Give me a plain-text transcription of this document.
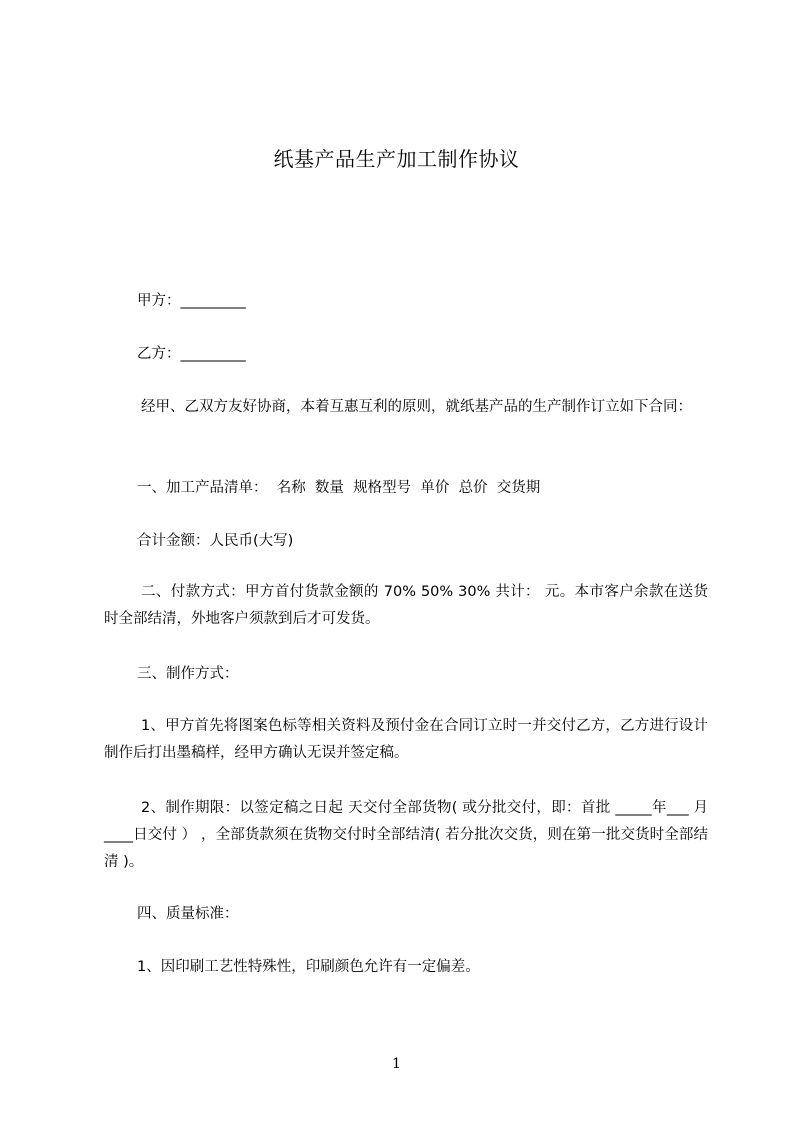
纸基产品生产加工制作协议
甲方：_________
乙方：_________
经甲、乙双方友好协商，本着互惠互利的原则，就纸基产品的生产制作订立如下合同：
一、加工产品清单：  名称  数量  规格型号  单价  总价  交货期
合计金额：人民币(大写)
二、付款方式：甲方首付货款金额的 70% 50% 30% 共计： 元。本市客户余款在送货时全部结清，外地客户须款到后才可发货。
三、制作方式：
1、甲方首先将图案色标等相关资料及预付金在合同订立时一并交付乙方，乙方进行设计制作后打出墨稿样，经甲方确认无误并签定稿。
2、制作期限：以签定稿之日起 天交付全部货物( 或分批交付，即：首批 _____年___ 月____日交付 ） ，全部货款须在货物交付时全部结清( 若分批次交货，则在第一批交货时全部结清 )。
四、质量标准：
1、因印刷工艺性特殊性，印刷颜色允许有一定偏差。
1
